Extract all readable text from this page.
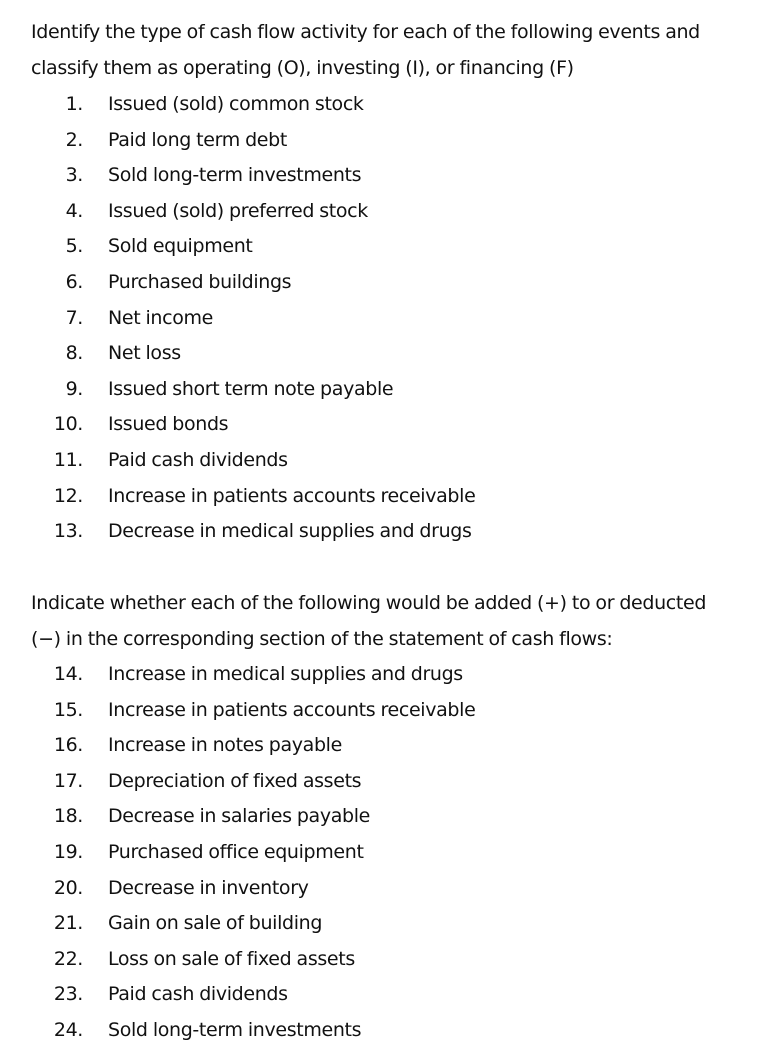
Identify the type of cash flow activity for each of the following events and
classify them as operating (O), investing (I), or financing (F)
1. Issued (sold) common stock
2. Paid long term debt
3. Sold long-term investments
4. Issued (sold) preferred stock
5. Sold equipment
6. Purchased buildings
7. Net income
8. Net loss
9. Issued short term note payable
10. Issued bonds
11. Paid cash dividends
12. Increase in patients accounts receivable
13. Decrease in medical supplies and drugs
Indicate whether each of the following would be added (+) to or deducted
(−) in the corresponding section of the statement of cash flows:
14. Increase in medical supplies and drugs
15. Increase in patients accounts receivable
16. Increase in notes payable
17. Depreciation of fixed assets
18. Decrease in salaries payable
19. Purchased office equipment
20. Decrease in inventory
21. Gain on sale of building
22. Loss on sale of fixed assets
23. Paid cash dividends
24. Sold long-term investments
